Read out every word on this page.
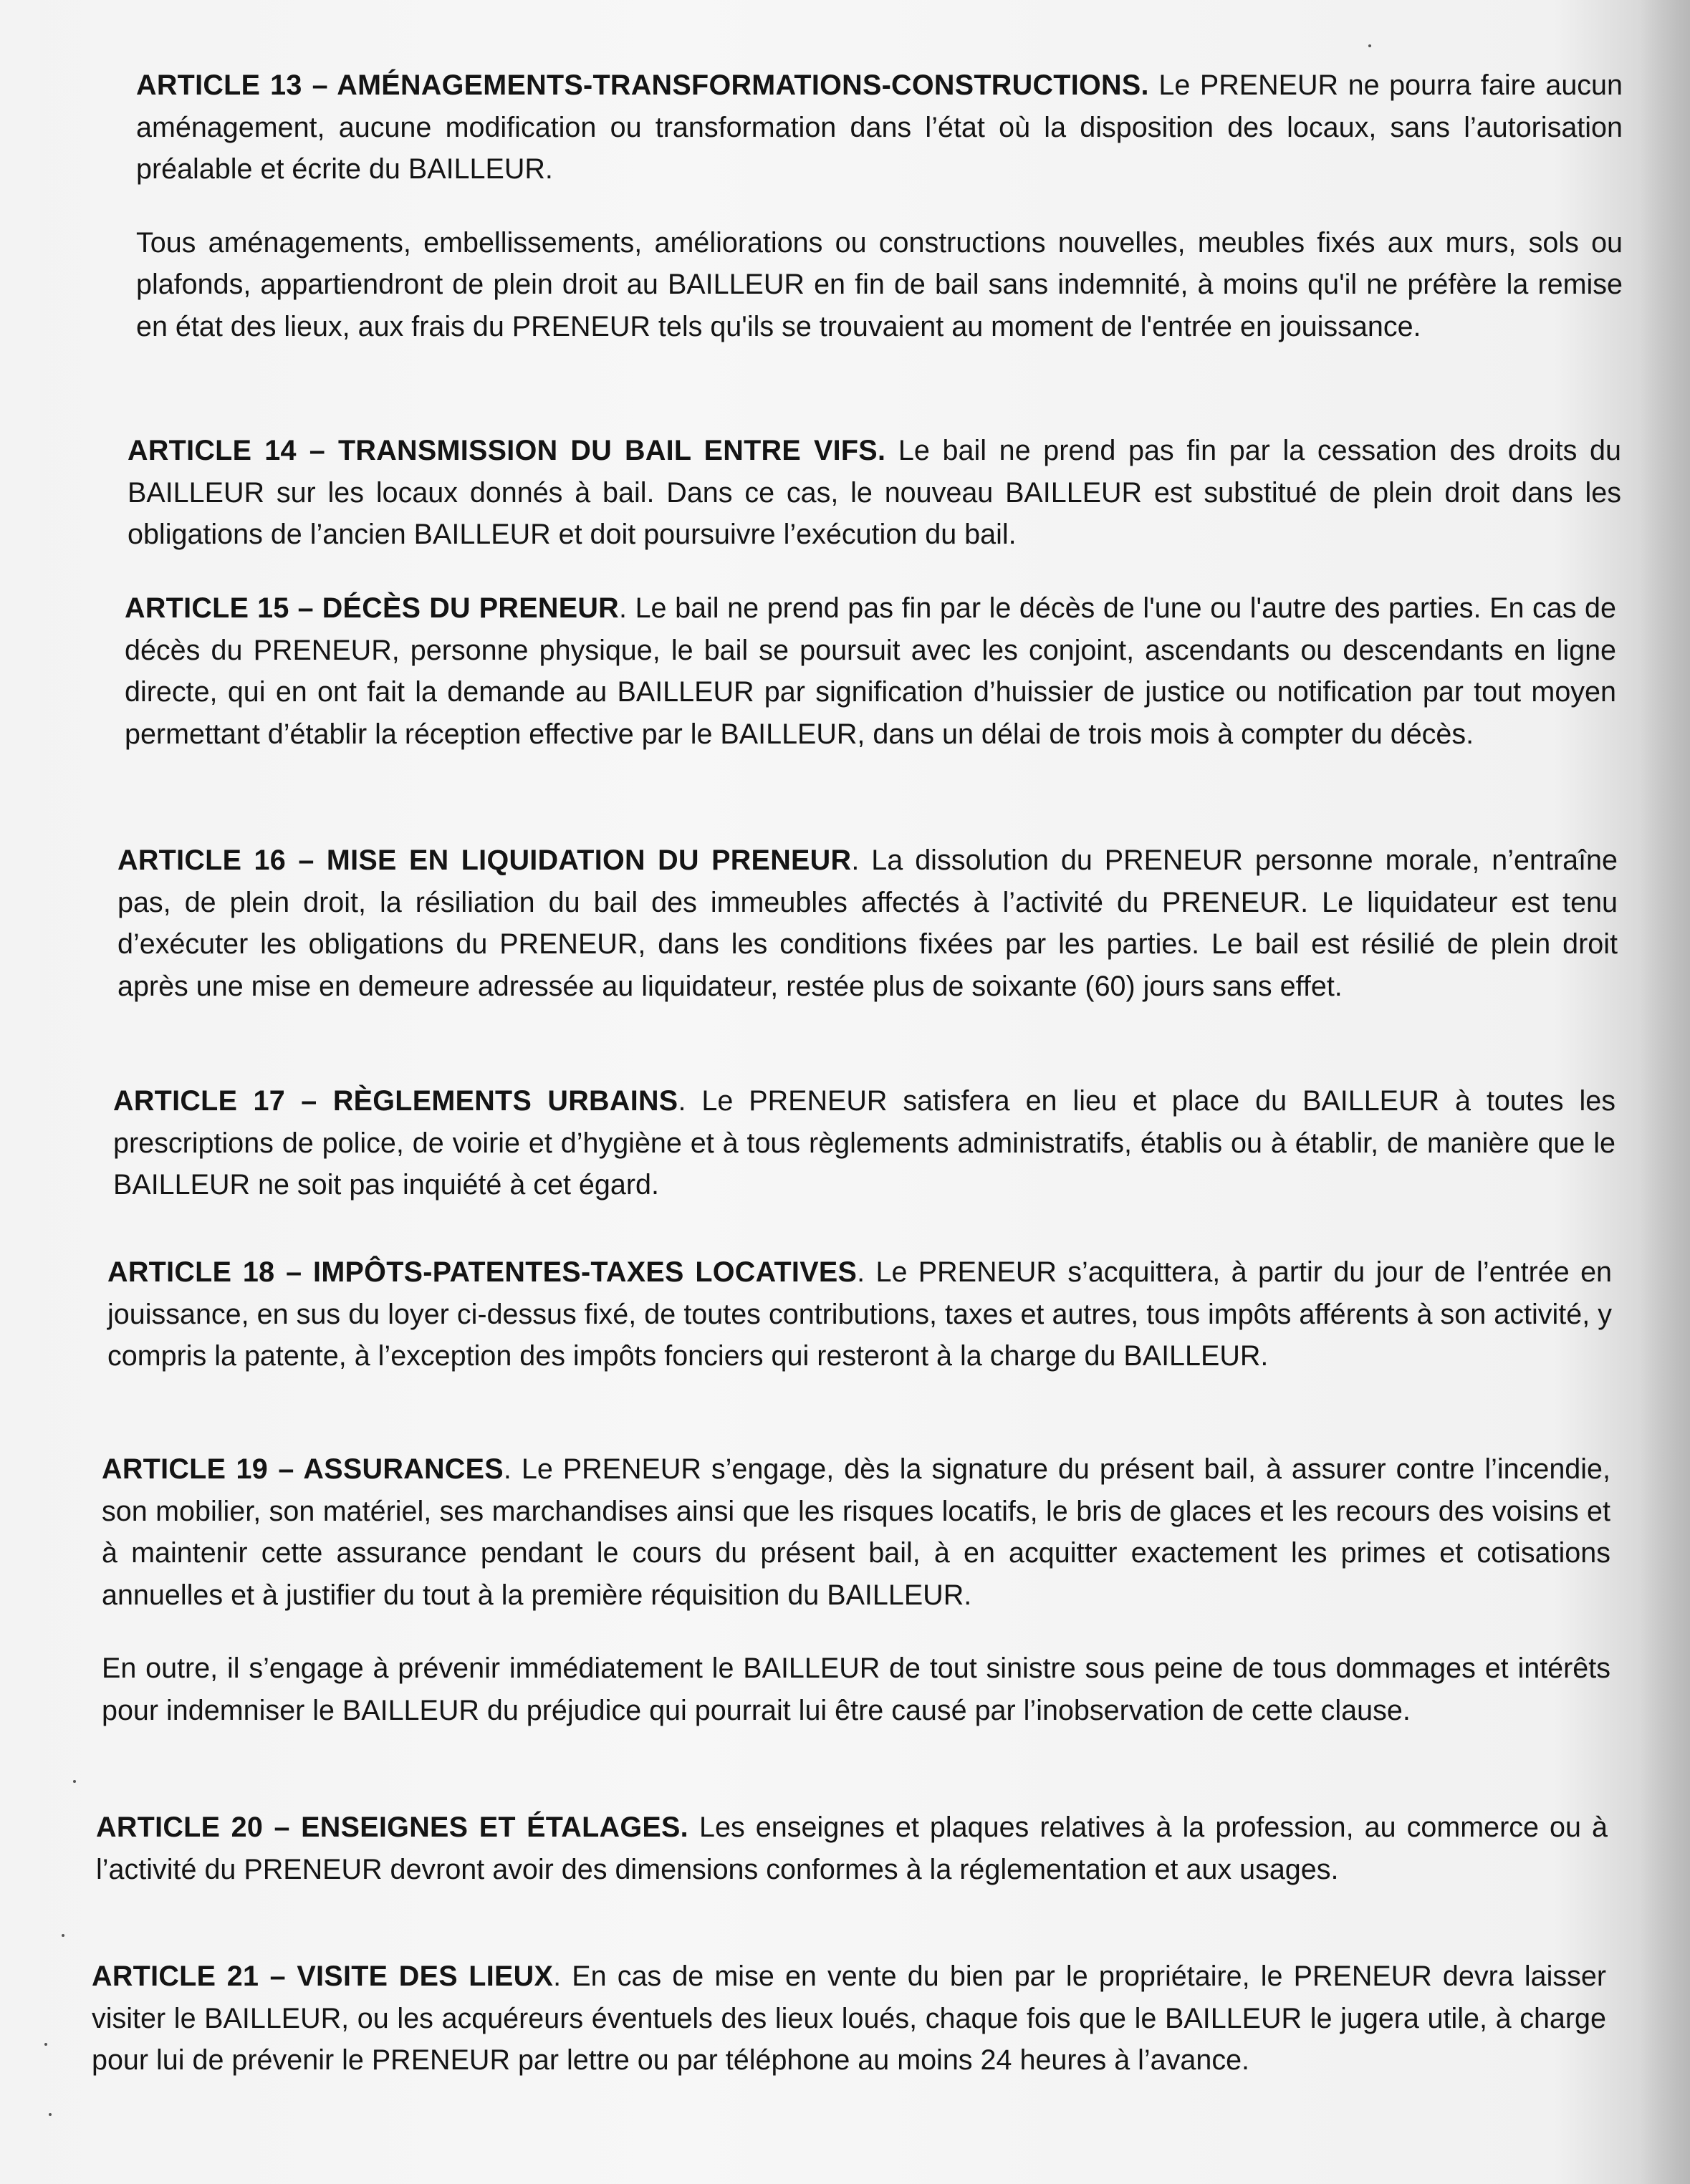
ARTICLE 13 – AMÉNAGEMENTS-TRANSFORMATIONS-CONSTRUCTIONS. Le PRENEUR ne pourra faire aucun aménagement, aucune modification ou transformation dans l’état où la disposition des locaux, sans l’autorisation préalable et écrite du BAILLEUR.

Tous aménagements, embellissements, améliorations ou constructions nouvelles, meubles fixés aux murs, sols ou plafonds, appartiendront de plein droit au BAILLEUR en fin de bail sans indemnité, à moins qu'il ne préfère la remise en état des lieux, aux frais du PRENEUR tels qu'ils se trouvaient au moment de l'entrée en jouissance.

ARTICLE 14 – TRANSMISSION DU BAIL ENTRE VIFS. Le bail ne prend pas fin par la cessation des droits du BAILLEUR sur les locaux donnés à bail. Dans ce cas, le nouveau BAILLEUR est substitué de plein droit dans les obligations de l’ancien BAILLEUR et doit poursuivre l’exécution du bail.

ARTICLE 15 – DÉCÈS DU PRENEUR. Le bail ne prend pas fin par le décès de l'une ou l'autre des parties. En cas de décès du PRENEUR, personne physique, le bail se poursuit avec les conjoint, ascendants ou descendants en ligne directe, qui en ont fait la demande au BAILLEUR par signification d’huissier de justice ou notification par tout moyen permettant d’établir la réception effective par le BAILLEUR, dans un délai de trois mois à compter du décès.

ARTICLE 16 – MISE EN LIQUIDATION DU PRENEUR. La dissolution du PRENEUR personne morale, n’entraîne pas, de plein droit, la résiliation du bail des immeubles affectés à l’activité du PRENEUR. Le liquidateur est tenu d’exécuter les obligations du PRENEUR, dans les conditions fixées par les parties. Le bail est résilié de plein droit après une mise en demeure adressée au liquidateur, restée plus de soixante (60) jours sans effet.

ARTICLE 17 – RÈGLEMENTS URBAINS. Le PRENEUR satisfera en lieu et place du BAILLEUR à toutes les prescriptions de police, de voirie et d’hygiène et à tous règlements administratifs, établis ou à établir, de manière que le BAILLEUR ne soit pas inquiété à cet égard.

ARTICLE 18 – IMPÔTS-PATENTES-TAXES LOCATIVES. Le PRENEUR s’acquittera, à partir du jour de l’entrée en jouissance, en sus du loyer ci-dessus fixé, de toutes contributions, taxes et autres, tous impôts afférents à son activité, y compris la patente, à l’exception des impôts fonciers qui resteront à la charge du BAILLEUR.

ARTICLE 19 – ASSURANCES. Le PRENEUR s’engage, dès la signature du présent bail, à assurer contre l’incendie, son mobilier, son matériel, ses marchandises ainsi que les risques locatifs, le bris de glaces et les recours des voisins et à maintenir cette assurance pendant le cours du présent bail, à en acquitter exactement les primes et cotisations annuelles et à justifier du tout à la première réquisition du BAILLEUR.

En outre, il s’engage à prévenir immédiatement le BAILLEUR de tout sinistre sous peine de tous dommages et intérêts pour indemniser le BAILLEUR du préjudice qui pourrait lui être causé par l’inobservation de cette clause.

ARTICLE 20 – ENSEIGNES ET ÉTALAGES. Les enseignes et plaques relatives à la profession, au commerce ou à l’activité du PRENEUR devront avoir des dimensions conformes à la réglementation et aux usages.

ARTICLE 21 – VISITE DES LIEUX. En cas de mise en vente du bien par le propriétaire, le PRENEUR devra laisser visiter le BAILLEUR, ou les acquéreurs éventuels des lieux loués, chaque fois que le BAILLEUR le jugera utile, à charge pour lui de prévenir le PRENEUR par lettre ou par téléphone au moins 24 heures à l’avance.
